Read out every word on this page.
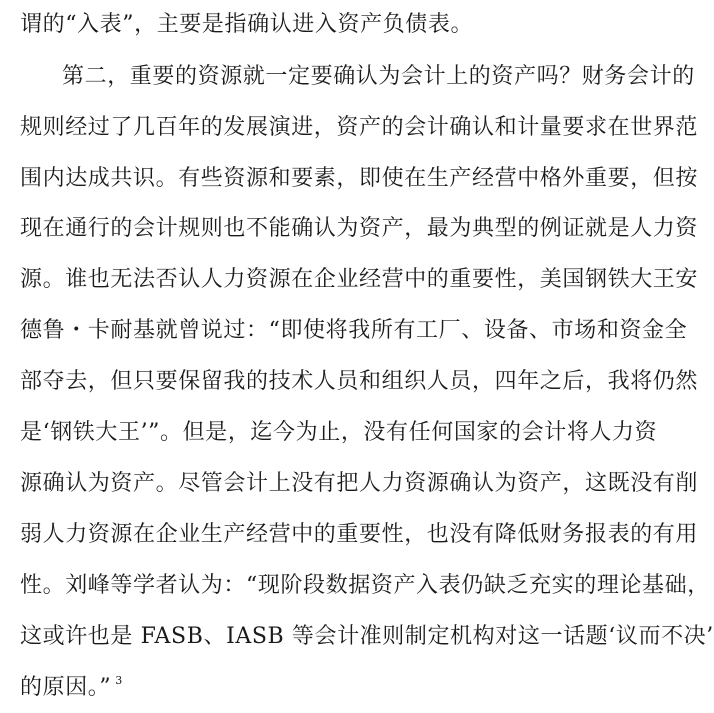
谓的“入表”，主要是指确认进入资产负债表。
第二，重要的资源就一定要确认为会计上的资产吗？财务会计的
规则经过了几百年的发展演进，资产的会计确认和计量要求在世界范
围内达成共识。有些资源和要素，即使在生产经营中格外重要，但按
现在通行的会计规则也不能确认为资产，最为典型的例证就是人力资
源。谁也无法否认人力资源在企业经营中的重要性，美国钢铁大王安
德鲁・卡耐基就曾说过：“即使将我所有工厂、设备、市场和资金全
部夺去，但只要保留我的技术人员和组织人员，四年之后，我将仍然
是‘钢铁大王’”。但是，迄今为止，没有任何国家的会计将人力资
源确认为资产。尽管会计上没有把人力资源确认为资产，这既没有削
弱人力资源在企业生产经营中的重要性，也没有降低财务报表的有用
性。刘峰等学者认为：“现阶段数据资产入表仍缺乏充实的理论基础，
这或许也是 FASB、IASB 等会计准则制定机构对这一话题‘议而不决’
的原因。” $^3$
